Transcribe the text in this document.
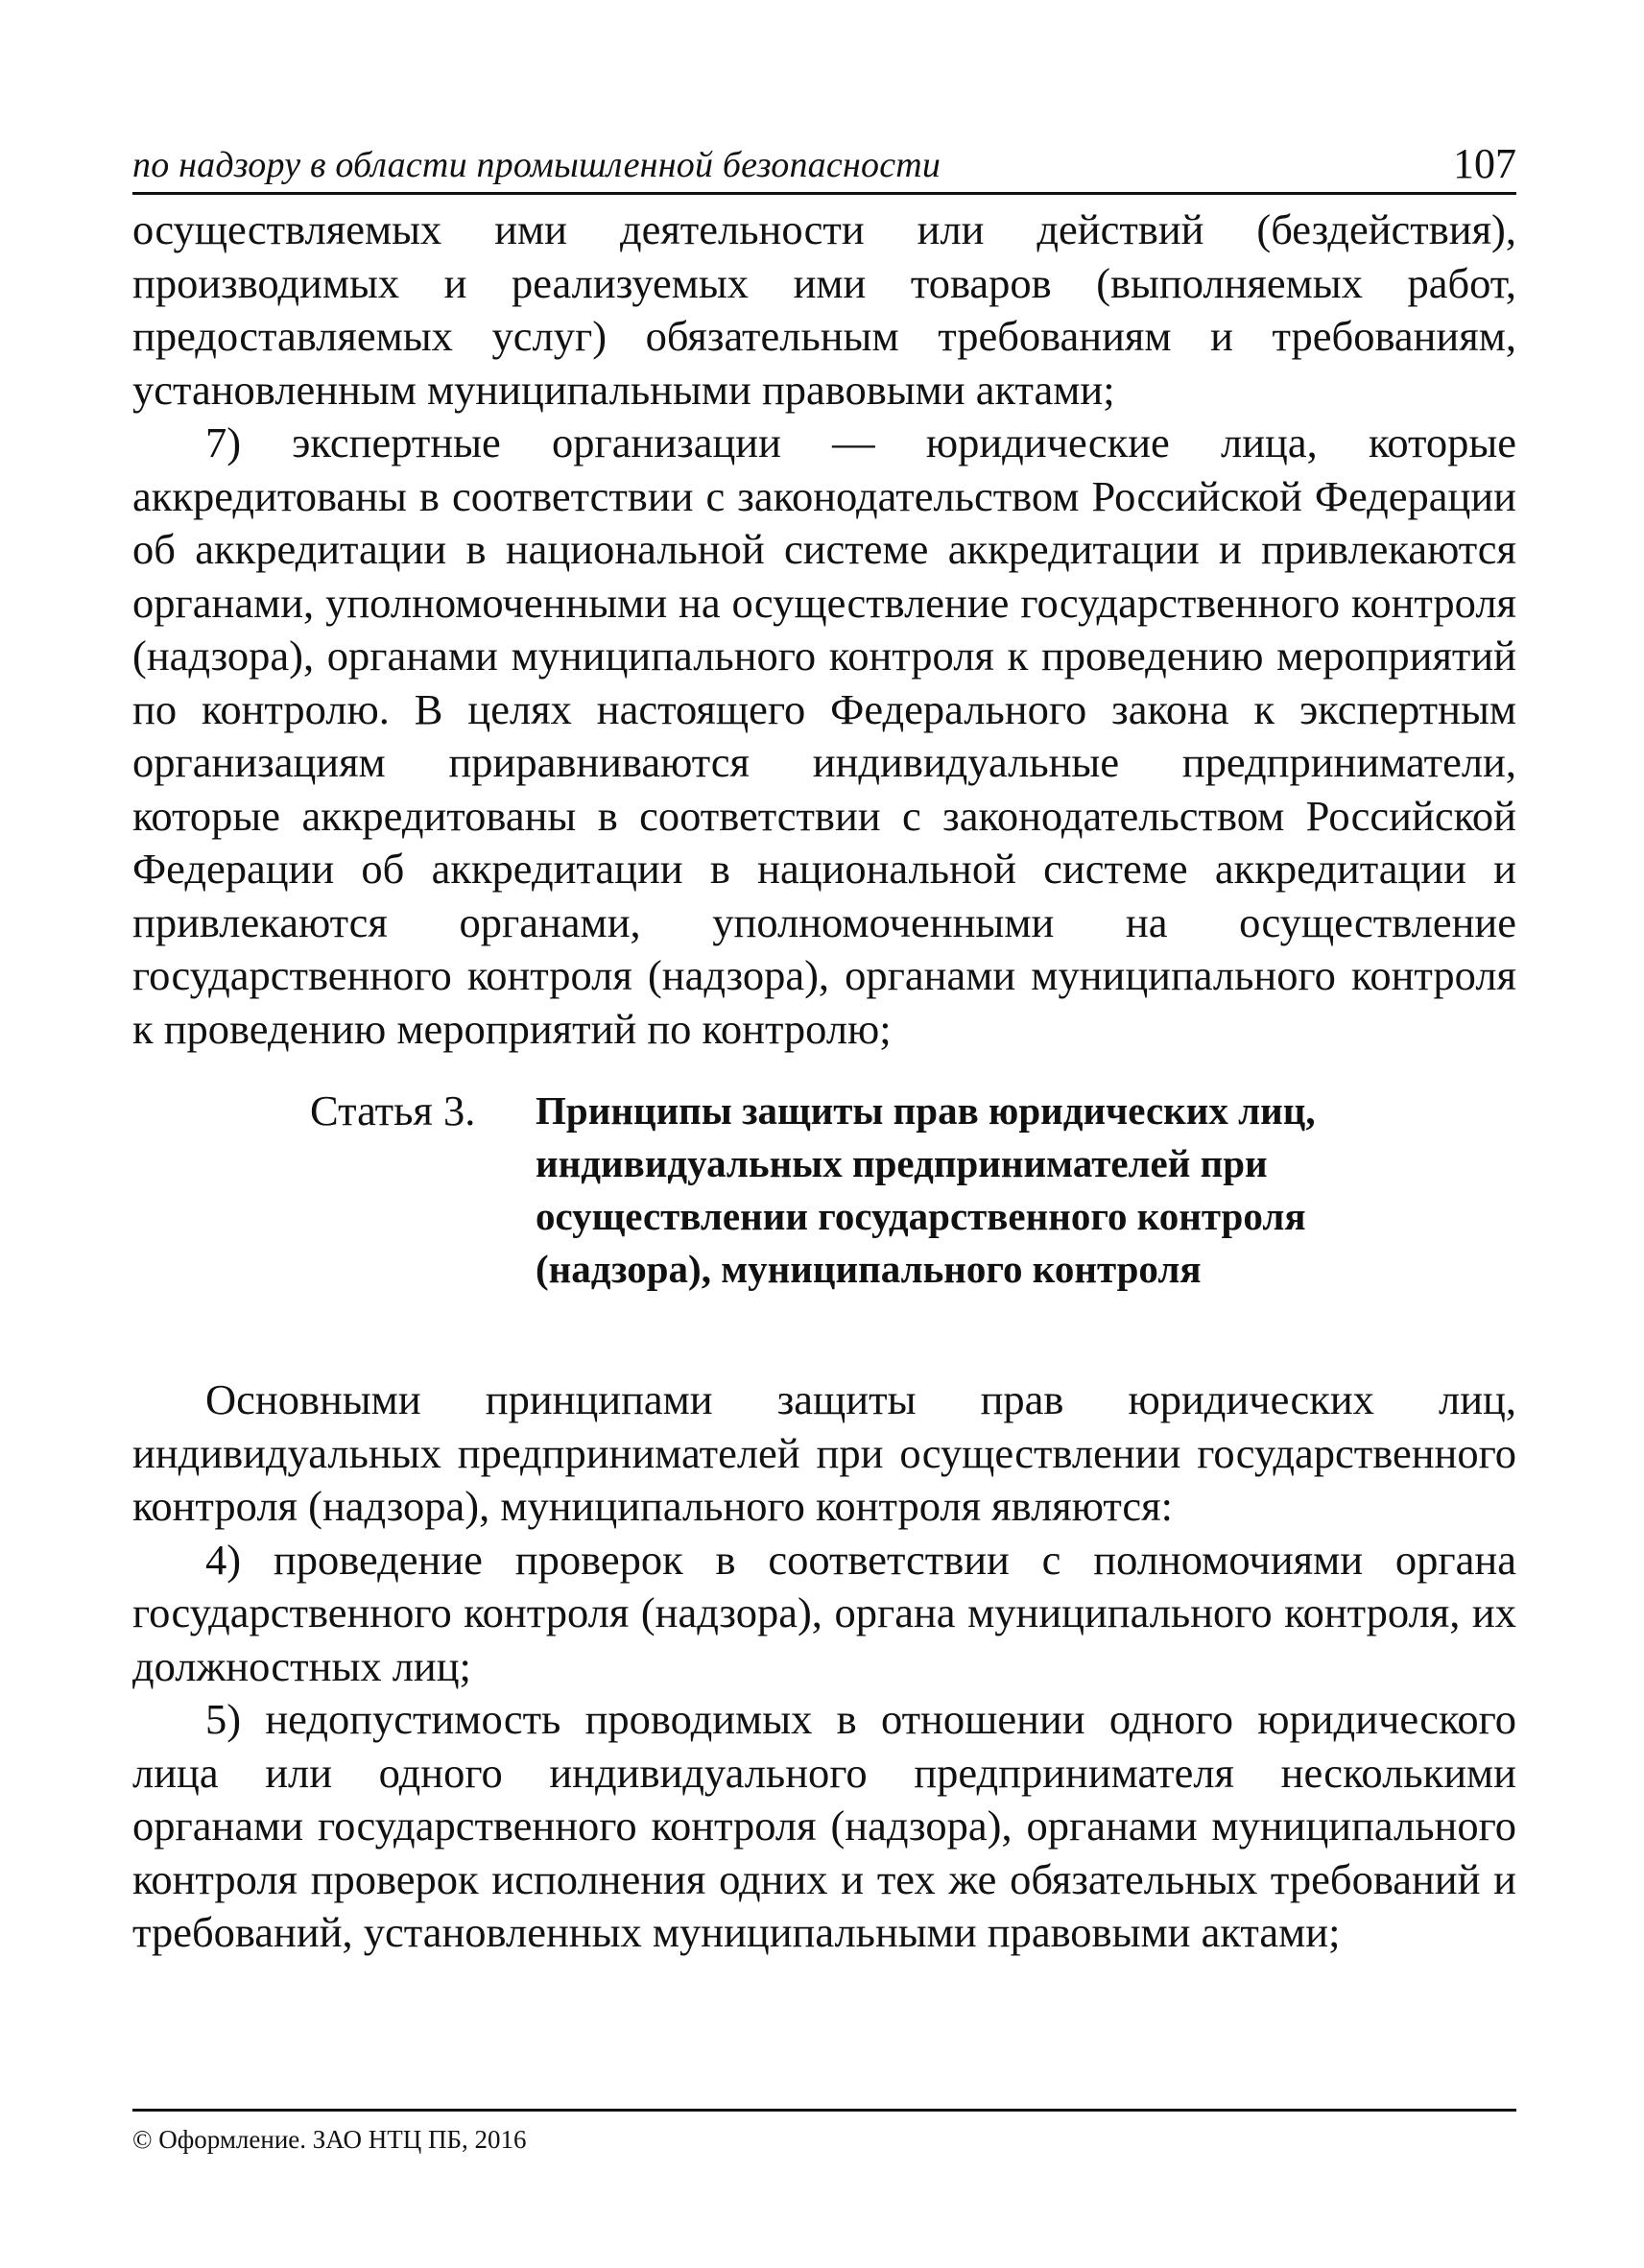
по надзору в области промышленной безопасности	107

осуществляемых ими деятельности или действий (бездействия), производимых и реализуемых ими товаров (выполняемых работ, предоставляемых услуг) обязательным требованиям и требованиям, установленным муниципальными правовыми актами;

7) экспертные организации — юридические лица, которые аккредитованы в соответствии с законодательством Российской Федерации об аккредитации в национальной системе аккредитации и привлекаются органами, уполномоченными на осуществление государственного контроля (надзора), органами муниципального контроля к проведению мероприятий по контролю. В целях настоящего Федерального закона к экспертным организациям приравниваются индивидуальные предприниматели, которые аккредитованы в соответствии с законодательством Российской Федерации об аккредитации в национальной системе аккредитации и привлекаются органами, уполномоченными на осуществление государственного контроля (надзора), органами муниципального контроля к проведению мероприятий по контролю;

Статья 3.	Принципы защиты прав юридических лиц, индивидуальных предпринимателей при осуществлении государственного контроля (надзора), муниципального контроля

Основными принципами защиты прав юридических лиц, индивидуальных предпринимателей при осуществлении государственного контроля (надзора), муниципального контроля являются:

4) проведение проверок в соответствии с полномочиями органа государственного контроля (надзора), органа муниципального контроля, их должностных лиц;

5) недопустимость проводимых в отношении одного юридического лица или одного индивидуального предпринимателя несколькими органами государственного контроля (надзора), органами муниципального контроля проверок исполнения одних и тех же обязательных требований и требований, установленных муниципальными правовыми актами;

© Оформление. ЗАО НТЦ ПБ, 2016
